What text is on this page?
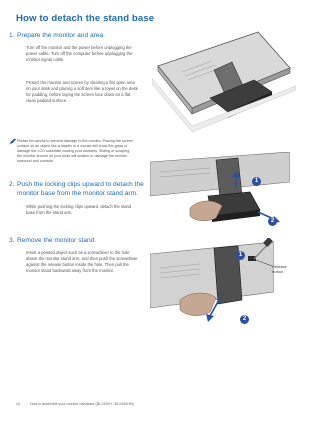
How to detach the stand base
1. Prepare the monitor and area.
Turn off the monitor and the power before unplugging the power cable. Turn off the computer before unplugging the monitor signal cable.
Protect the monitor and screen by clearing a flat open area on your desk and placing a soft item like a towel on the desk for padding, before laying the screen face down on a flat clean padded surface.
Please be careful to prevent damage to the monitor. Placing the screen surface on an object like a stapler or a mouse will crack the glass or damage the LCD substrate voiding your warranty. Sliding or scraping the monitor around on your desk will scratch or damage the monitor surround and controls.
2. Push the locking clips upward to detach the
monitor base from the monitor stand arm.
While pushing the locking clips upward, detach the stand base from the stand arm.
1
2
3. Remove the monitor stand.
Insert a pointed object such as a screwdriver to the hole above the monitor stand arm, and then push the screwdriver against the release button inside the hole. Then pull the monitor stand backward away from the monitor.
1
2
Release
button
14	How to assemble your monitor hardware (BL2400H / BL2400HM)
